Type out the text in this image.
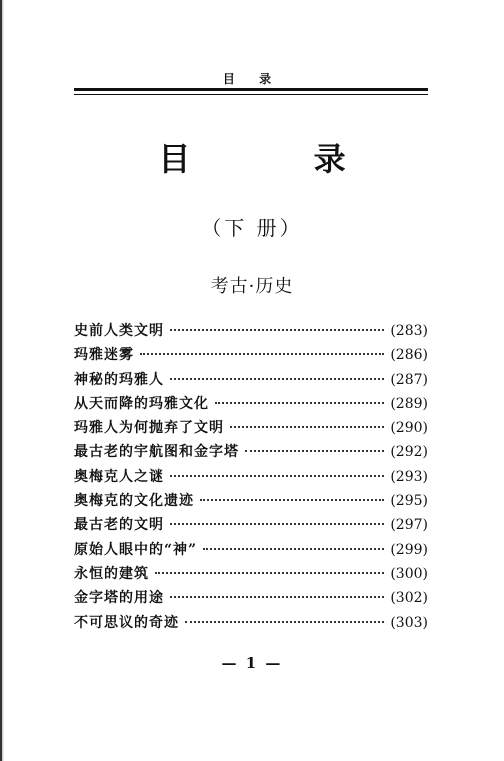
目 录
目 录
（下 册）
考古·历史
史前人类文明	(283)
玛雅迷雾	(286)
神秘的玛雅人	(287)
从天而降的玛雅文化	(289)
玛雅人为何抛弃了文明	(290)
最古老的宇航图和金字塔	(292)
奥梅克人之谜	(293)
奥梅克的文化遗迹	(295)
最古老的文明	(297)
原始人眼中的“神”	(299)
永恒的建筑	(300)
金字塔的用途	(302)
不可思议的奇迹	(303)
— 1 —
